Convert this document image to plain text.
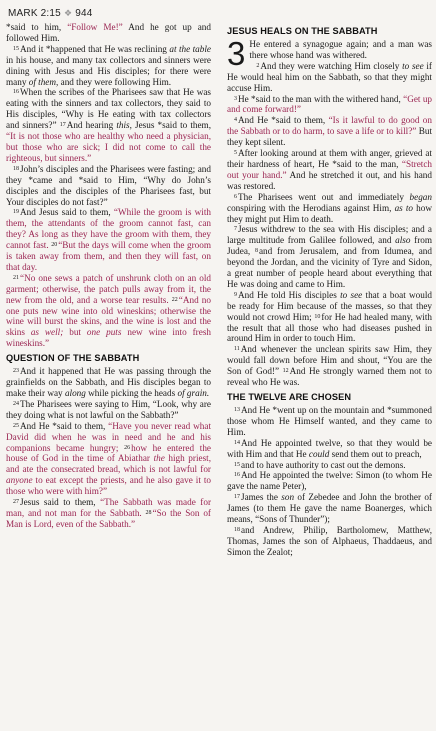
MARK 2:15 ❖ 944

*said to him, “Follow Me!” And he got up and followed Him.

$^{15}$And it *happened that He was reclining at the table in his house, and many tax collectors and sinners were dining with Jesus and His disciples; for there were many of them, and they were following Him.

$^{16}$When the scribes of the Pharisees saw that He was eating with the sinners and tax collectors, they said to His disciples, “Why is He eating with tax collectors and sinners?” $^{17}$And hearing this, Jesus *said to them, “It is not those who are healthy who need a physician, but those who are sick; I did not come to call the righteous, but sinners.”

$^{18}$John’s disciples and the Pharisees were fasting; and they *came and *said to Him, “Why do John’s disciples and the disciples of the Pharisees fast, but Your disciples do not fast?”

$^{19}$And Jesus said to them, “While the groom is with them, the attendants of the groom cannot fast, can they? As long as they have the groom with them, they cannot fast. $^{20}$“But the days will come when the groom is taken away from them, and then they will fast, on that day.

$^{21}$“No one sews a patch of unshrunk cloth on an old garment; otherwise, the patch pulls away from it, the new from the old, and a worse tear results. $^{22}$“And no one puts new wine into old wineskins; otherwise the wine will burst the skins, and the wine is lost and the skins as well; but one puts new wine into fresh wineskins.”

QUESTION OF THE SABBATH

$^{23}$And it happened that He was passing through the grainfields on the Sabbath, and His disciples began to make their way along while picking the heads of grain.

$^{24}$The Pharisees were saying to Him, “Look, why are they doing what is not lawful on the Sabbath?”

$^{25}$And He *said to them, “Have you never read what David did when he was in need and he and his companions became hungry; $^{26}$how he entered the house of God in the time of Abiathar the high priest, and ate the consecrated bread, which is not lawful for anyone to eat except the priests, and he also gave it to those who were with him?”

$^{27}$Jesus said to them, “The Sabbath was made for man, and not man for the Sabbath. $^{28}$“So the Son of Man is Lord, even of the Sabbath.”

JESUS HEALS ON THE SABBATH

3 He entered a synagogue again; and a man was there whose hand was withered.

$^2$And they were watching Him closely to see if He would heal him on the Sabbath, so that they might accuse Him.

$^3$He *said to the man with the withered hand, “Get up and come forward!”

$^4$And He *said to them, “Is it lawful to do good on the Sabbath or to do harm, to save a life or to kill?” But they kept silent.

$^5$After looking around at them with anger, grieved at their hardness of heart, He *said to the man, “Stretch out your hand.” And he stretched it out, and his hand was restored.

$^6$The Pharisees went out and immediately began conspiring with the Herodians against Him, as to how they might put Him to death.

$^7$Jesus withdrew to the sea with His disciples; and a large multitude from Galilee followed, and also from Judea, $^8$and from Jerusalem, and from Idumea, and beyond the Jordan, and the vicinity of Tyre and Sidon, a great number of people heard about everything that He was doing and came to Him.

$^9$And He told His disciples to see that a boat would be ready for Him because of the masses, so that they would not crowd Him; $^{10}$for He had healed many, with the result that all those who had diseases pushed in around Him in order to touch Him.

$^{11}$And whenever the unclean spirits saw Him, they would fall down before Him and shout, “You are the Son of God!” $^{12}$And He strongly warned them not to reveal who He was.

THE TWELVE ARE CHOSEN

$^{13}$And He *went up on the mountain and *summoned those whom He Himself wanted, and they came to Him.

$^{14}$And He appointed twelve, so that they would be with Him and that He could send them out to preach,

$^{15}$and to have authority to cast out the demons.

$^{16}$And He appointed the twelve: Simon (to whom He gave the name Peter),

$^{17}$James the son of Zebedee and John the brother of James (to them He gave the name Boanerges, which means, “Sons of Thunder”);

$^{18}$and Andrew, Philip, Bartholomew, Matthew, Thomas, James the son of Alphaeus, Thaddaeus, and Simon the Zealot;
